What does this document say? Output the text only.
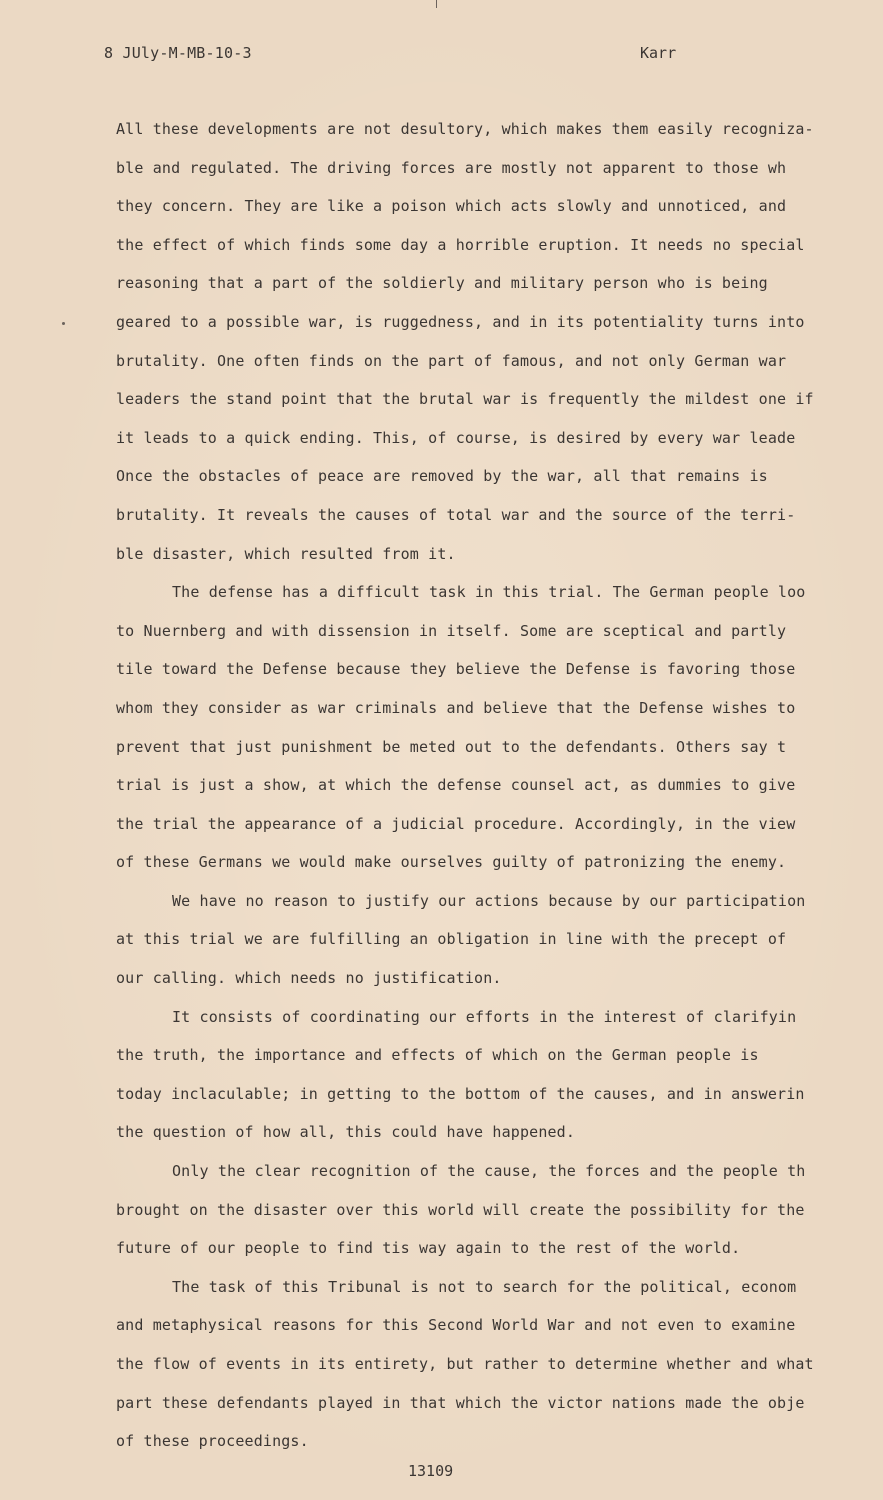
8 JUly-M-MB-10-3	Karr
All these developments are not desultory, which makes them easily recogniza-
ble and regulated. The driving forces are mostly not apparent to those wh
they concern. They are like a poison which acts slowly and unnoticed, and
the effect of which finds some day a horrible eruption. It needs no special
reasoning that a part of the soldierly and military person who is being
geared to a possible war, is ruggedness, and in its potentiality turns into
brutality. One often finds on the part of famous, and not only German war
leaders the stand point that the brutal war is frequently the mildest one if
it leads to a quick ending. This, of course, is desired by every war leade
Once the obstacles of peace are removed by the war, all that remains is
brutality. It reveals the causes of total war and the source of the terri-
ble disaster, which resulted from it.
The defense has a difficult task in this trial. The German people loo
to Nuernberg and with dissension in itself. Some are sceptical and partly
tile toward the Defense because they believe the Defense is favoring those
whom they consider as war criminals and believe that the Defense wishes to
prevent that just punishment be meted out to the defendants. Others say t
trial is just a show, at which the defense counsel act, as dummies to give
the trial the appearance of a judicial procedure. Accordingly, in the view
of these Germans we would make ourselves guilty of patronizing the enemy.
We have no reason to justify our actions because by our participation
at this trial we are fulfilling an obligation in line with the precept of
our calling. which needs no justification.
It consists of coordinating our efforts in the interest of clarifyin
the truth, the importance and effects of which on the German people is
today inclaculable; in getting to the bottom of the causes, and in answerin
the question of how all, this could have happened.
Only the clear recognition of the cause, the forces and the people th
brought on the disaster over this world will create the possibility for the
future of our people to find tis way again to the rest of the world.
The task of this Tribunal is not to search for the political, econom
and metaphysical reasons for this Second World War and not even to examine
the flow of events in its entirety, but rather to determine whether and what
part these defendants played in that which the victor nations made the obje
of these proceedings.
13109
